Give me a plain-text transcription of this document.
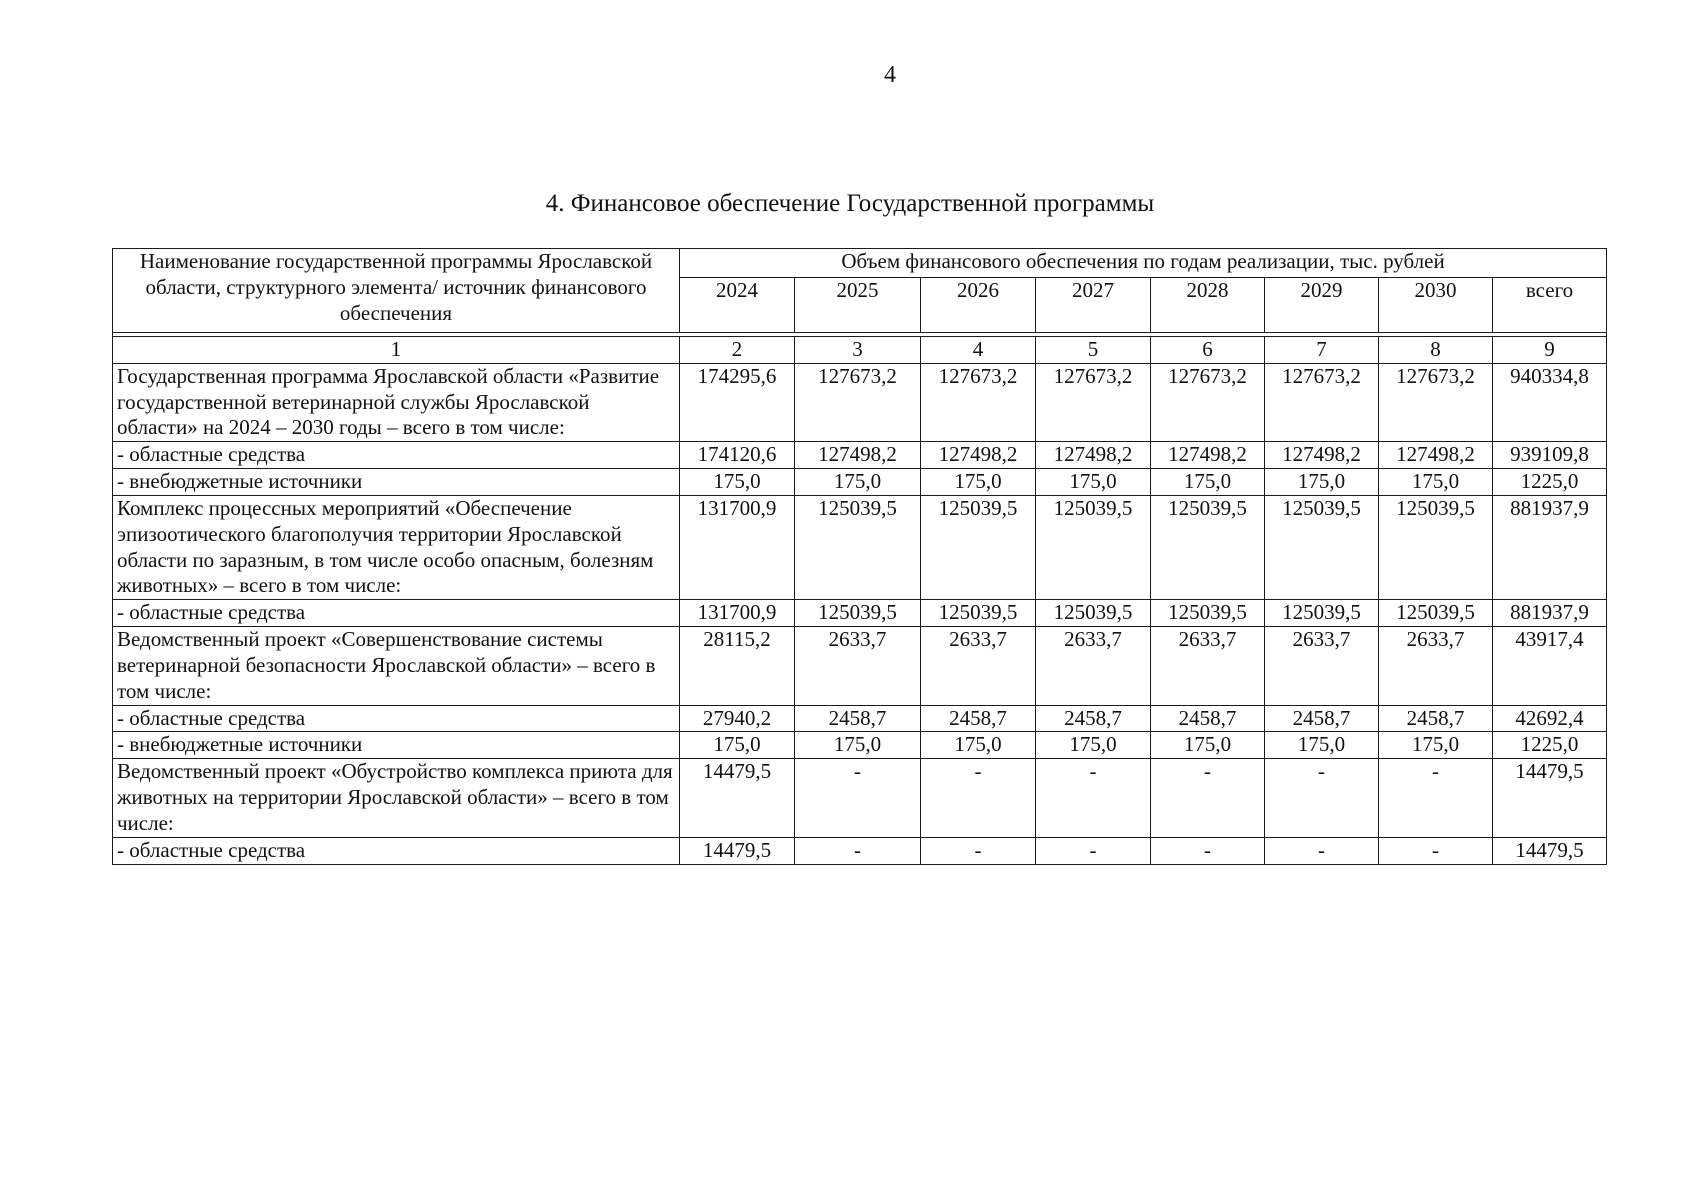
4
4. Финансовое обеспечение Государственной программы
Наименование государственной программы Ярославской области, структурного элемента/ источник финансового обеспечения	Объем финансового обеспечения по годам реализации, тыс. рублей							
	2024	2025	2026	2027	2028	2029	2030	всего

1	2	3	4	5	6	7	8	9
Государственная программа Ярославской области «Развитие государственной ветеринарной службы Ярославской области» на 2024 – 2030 годы – всего в том числе:	174295,6	127673,2	127673,2	127673,2	127673,2	127673,2	127673,2	940334,8
- областные средства	174120,6	127498,2	127498,2	127498,2	127498,2	127498,2	127498,2	939109,8
- внебюджетные источники	175,0	175,0	175,0	175,0	175,0	175,0	175,0	1225,0
Комплекс процессных мероприятий «Обеспечение эпизоотического благополучия территории Ярославской области по заразным, в том числе особо опасным, болезням животных» – всего в том числе:	131700,9	125039,5	125039,5	125039,5	125039,5	125039,5	125039,5	881937,9
- областные средства	131700,9	125039,5	125039,5	125039,5	125039,5	125039,5	125039,5	881937,9
Ведомственный проект «Совершенствование системы ветеринарной безопасности Ярославской области» – всего в том числе:	28115,2	2633,7	2633,7	2633,7	2633,7	2633,7	2633,7	43917,4
- областные средства	27940,2	2458,7	2458,7	2458,7	2458,7	2458,7	2458,7	42692,4
- внебюджетные источники	175,0	175,0	175,0	175,0	175,0	175,0	175,0	1225,0
Ведомственный проект «Обустройство комплекса приюта для животных на территории Ярославской области» – всего в том числе:	14479,5	-	-	-	-	-	-	14479,5
- областные средства	14479,5	-	-	-	-	-	-	14479,5
